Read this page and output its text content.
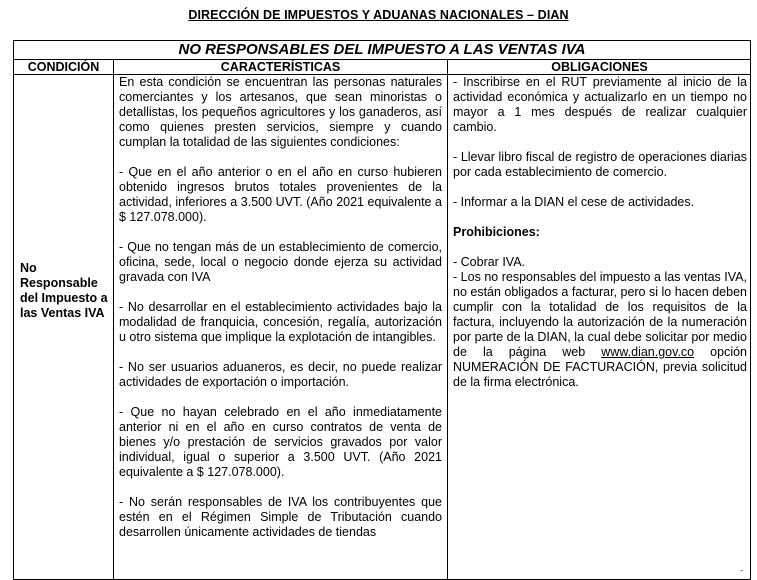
DIRECCIÓN DE IMPUESTOS Y ADUANAS NACIONALES – DIAN
NO RESPONSABLES DEL IMPUESTO A LAS VENTAS IVA
CONDICIÓN	CARACTERÍSTICAS	OBLIGACIONES
No Responsable del Impuesto a las Ventas IVA

En esta condición se encuentran las personas naturales comerciantes y los artesanos, que sean minoristas o detallistas, los pequeños agricultores y los ganaderos, así como quienes presten servicios, siempre y cuando cumplan la totalidad de las siguientes condiciones:

- Que en el año anterior o en el año en curso hubieren obtenido ingresos brutos totales provenientes de la actividad, inferiores a 3.500 UVT. (Año 2021 equivalente a $ 127.078.000).

- Que no tengan más de un establecimiento de comercio, oficina, sede, local o negocio donde ejerza su actividad gravada con IVA

- No desarrollar en el establecimiento actividades bajo la modalidad de franquicia, concesión, regalía, autorización u otro sistema que implique la explotación de intangibles.

- No ser usuarios aduaneros, es decir, no puede realizar actividades de exportación o importación.

- Que no hayan celebrado en el año inmediatamente anterior ni en el año en curso contratos de venta de bienes y/o prestación de servicios gravados por valor individual, igual o superior a 3.500 UVT. (Año 2021 equivalente a $ 127.078.000).

- No serán responsables de IVA los contribuyentes que estén en el Régimen Simple de Tributación cuando desarrollen únicamente actividades de tiendas

- Inscribirse en el RUT previamente al inicio de la actividad económica y actualizarlo en un tiempo no mayor a 1 mes después de realizar cualquier cambio.

- Llevar libro fiscal de registro de operaciones diarias por cada establecimiento de comercio.

- Informar a la DIAN el cese de actividades.

Prohibiciones:

- Cobrar IVA.

- Los no responsables del impuesto a las ventas IVA, no están obligados a facturar, pero si lo hacen deben cumplir con la totalidad de los requisitos de la factura, incluyendo la autorización de la numeración por parte de la DIAN, la cual debe solicitar por medio de la página web www.dian.gov.co opción NUMERACIÓN DE FACTURACIÓN, previa solicitud de la firma electrónica.

-
